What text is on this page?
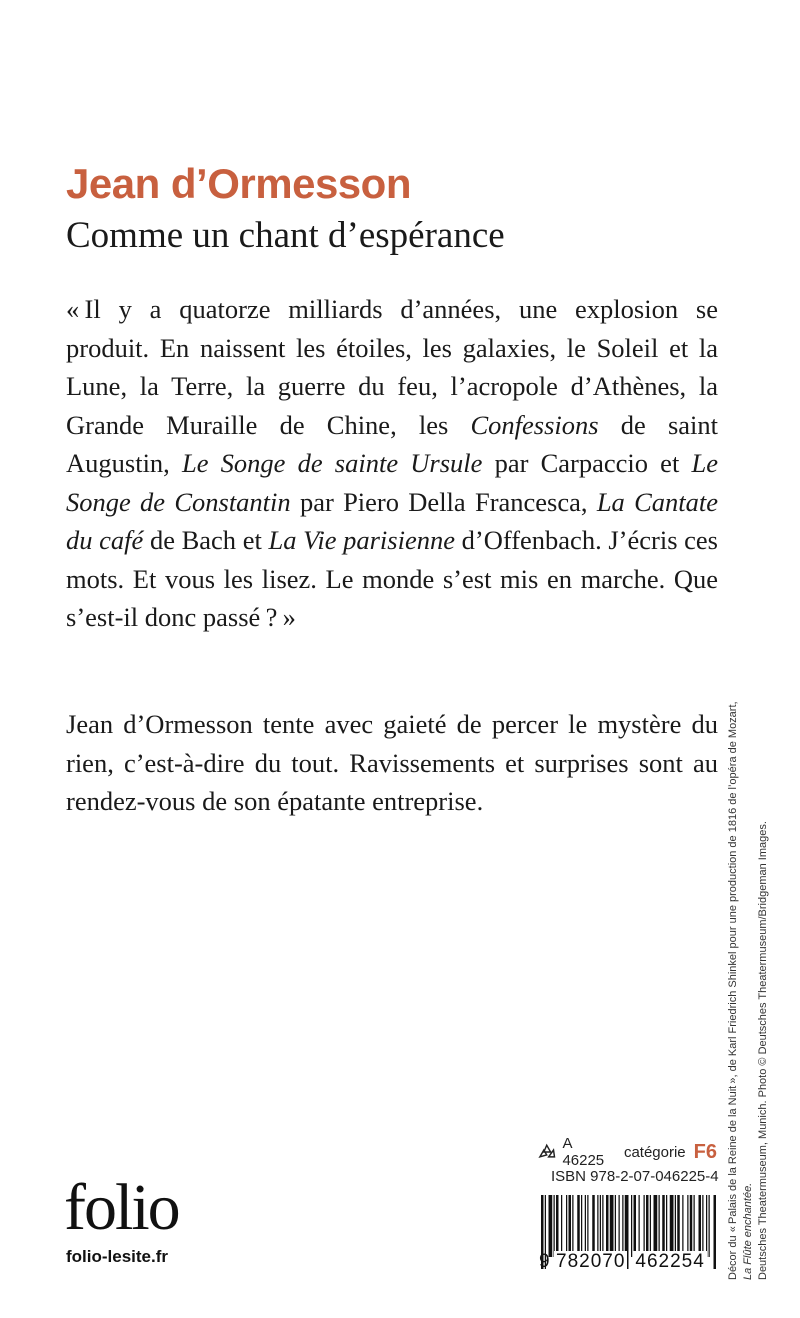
Jean d’Ormesson
Comme un chant d’espérance

« Il y a quatorze milliards d’années, une explosion se produit. En naissent les étoiles, les galaxies, le Soleil et la Lune, la Terre, la guerre du feu, l’acropole d’Athènes, la Grande Muraille de Chine, les Confessions de saint Augustin, Le Songe de sainte Ursule par Carpaccio et Le Songe de Constantin par Piero Della Francesca, La Cantate du café de Bach et La Vie parisienne d’Offenbach. J’écris ces mots. Et vous les lisez. Le monde s’est mis en marche. Que s’est-il donc passé ? »

Jean d’Ormesson tente avec gaieté de percer le mystère du rien, c’est-à-dire du tout. Ravissements et surprises sont au rendez-vous de son épatante entreprise.	Décor du « Palais de la Reine de la Nuit », de Karl Friedrich Shinkel pour une production de 1816 de l’opéra de Mozart, La Flûte enchantée. Deutsches Theatermuseum, Munich. Photo © Deutsches Theatermuseum/Bridgeman Images.
folio
folio-lesite.fr
A 46225	catégorie F6
ISBN 978-2-07-046225-4
9 782070 462254
